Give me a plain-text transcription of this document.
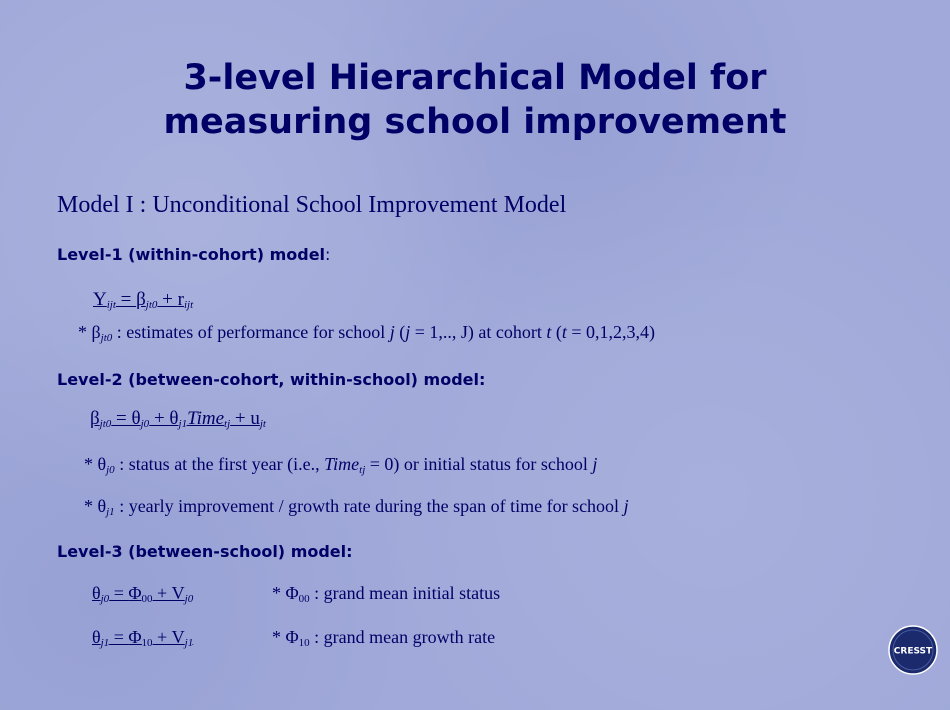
3-level Hierarchical Model for
measuring school improvement
Model I : Unconditional School Improvement Model
Level-1 (within-cohort) model:
$Y_{ijt} = \beta_{jt0} + r_{ijt}$
* $\beta_{jt0}$ : estimates of performance for school j (j = 1,.., J) at cohort t (t = 0,1,2,3,4)
Level-2 (between-cohort, within-school) model:
$\beta_{jt0} = \theta_{j0}$ + $\theta_{j1}Time_{tj} + u_{jt}$
* $\theta_{j0}$ : status at the first year (i.e., Time$_{tj}$ = 0) or initial status for school j
* $\theta_{j1}$ : yearly improvement / growth rate during the span of time for school j
Level-3 (between-school) model:
$\theta_{j0} = \Phi_{00} + V_{j0}$	* $\Phi_{00}$ : grand mean initial status
$\theta_{j1} = \Phi_{10} + V_{j1}$	* $\Phi_{10}$ : grand mean growth rate
CRESST
